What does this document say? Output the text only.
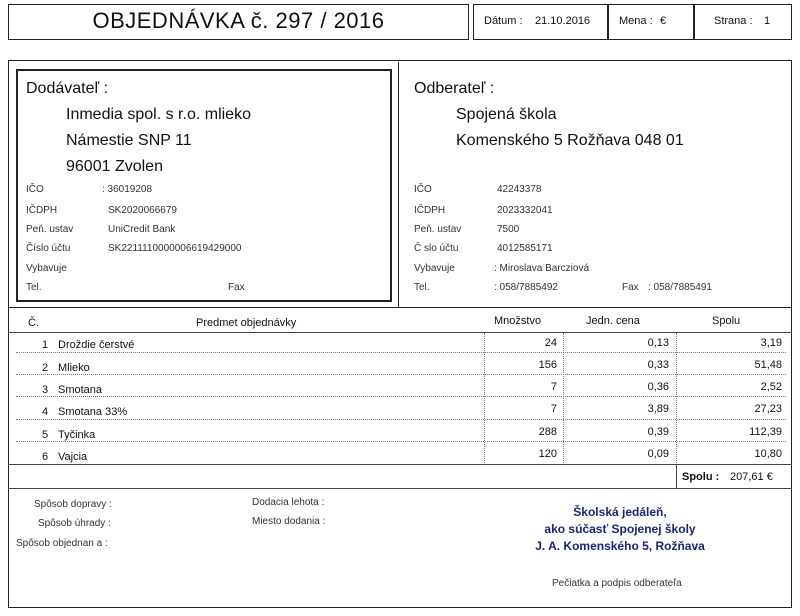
OBJEDNÁVKA č. 297 / 2016	Dátum : 21.10.2016	Mena : €	Strana : 1
Dodávateľ :
Inmedia spol. s r.o. mlieko
Námestie SNP 11
96001 Zvolen
IČO	: 36019208
IČDPH	SK2020066679
Peň. ustav	UniCredit Bank
Číslo účtu	SK2211110000006619429000
Vybavuje
Tel.	Fax
Odberateľ :
Spojená škola
Komenského 5 Rožňava 048 01
IČO	42243378
IČDPH	2023332041
Peň. ustav	7500
Č slo účtu	4012585171
Vybavuje	: Miroslava Barcziová
Tel.	: 058/7885492	Fax : 058/7885491
Č.	Predmet objednávky	Množstvo	Jedn. cena	Spolu
1 Droždie čerstvé	24	0,13	3,19
2 Mlieko	156	0,33	51,48
3 Smotana	7	0,36	2,52
4 Smotana 33%	7	3,89	27,23
5 Tyčinka	288	0,39	112,39
6 Vajcia	120	0,09	10,80
Spolu : 207,61 €
Spôsob dopravy :
Spôsob úhrady :
Spôsob objednan a :
Dodacia lehota :
Miesto dodania :
Školská jedáleň,
ako súčasť Spojenej školy
J. A. Komenského 5, Rožňava
Pečiatka a podpis odberateľa
